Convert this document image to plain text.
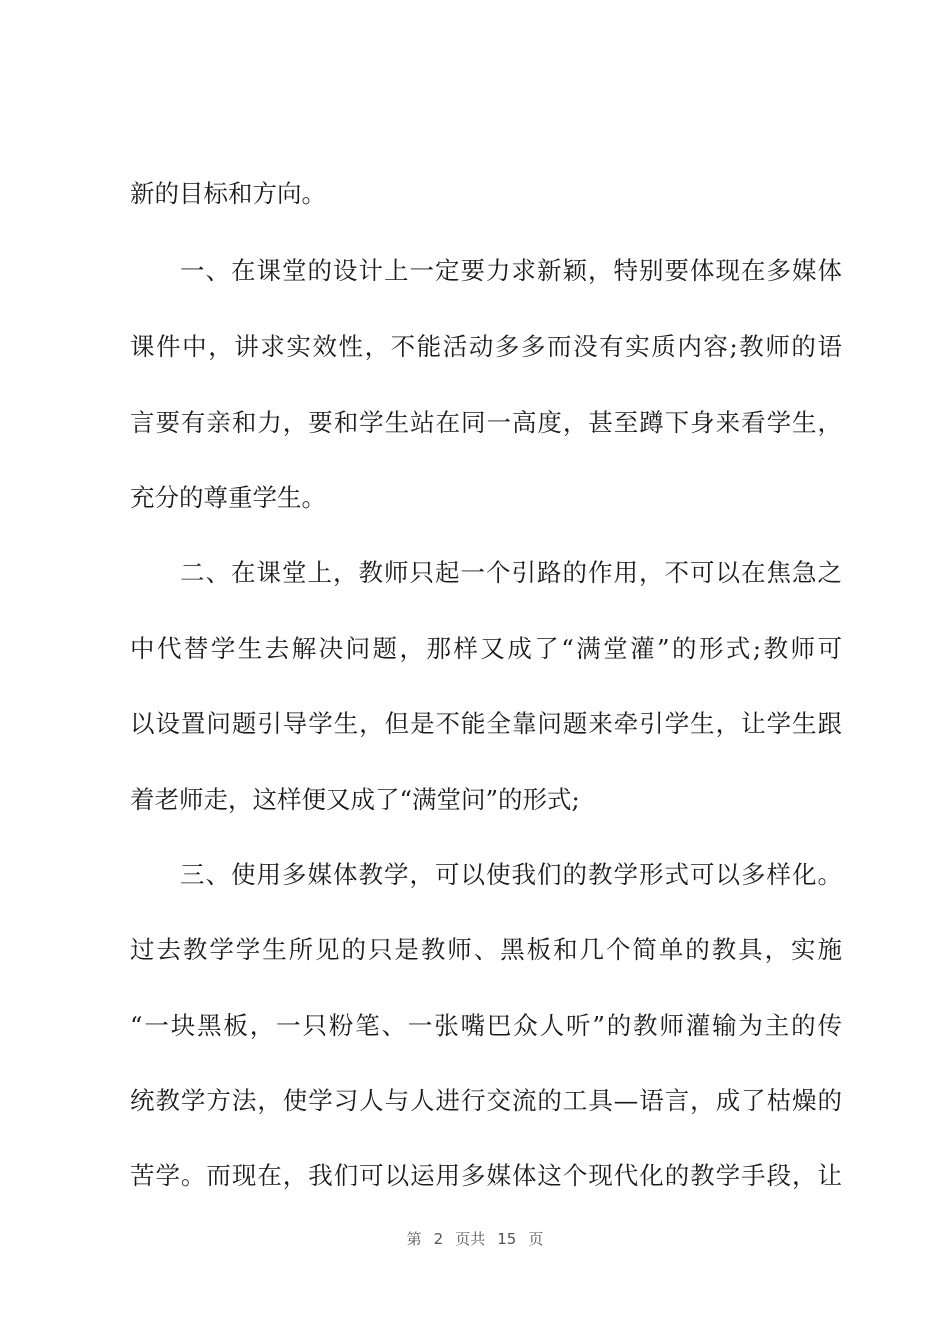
新的目标和方向。
一、在课堂的设计上一定要力求新颖，特别要体现在多媒体
课件中，讲求实效性，不能活动多多而没有实质内容;教师的语
言要有亲和力，要和学生站在同一高度，甚至蹲下身来看学生，
充分的尊重学生。
二、在课堂上，教师只起一个引路的作用，不可以在焦急之
中代替学生去解决问题，那样又成了“满堂灌”的形式;教师可
以设置问题引导学生，但是不能全靠问题来牵引学生，让学生跟
着老师走，这样便又成了“满堂问”的形式;
三、使用多媒体教学，可以使我们的教学形式可以多样化。
过去教学学生所见的只是教师、黑板和几个简单的教具，实施
“一块黑板，一只粉笔、一张嘴巴众人听”的教师灌输为主的传
统教学方法，使学习人与人进行交流的工具—语言，成了枯燥的
苦学。而现在，我们可以运用多媒体这个现代化的教学手段，让
第 2 页共 15 页
